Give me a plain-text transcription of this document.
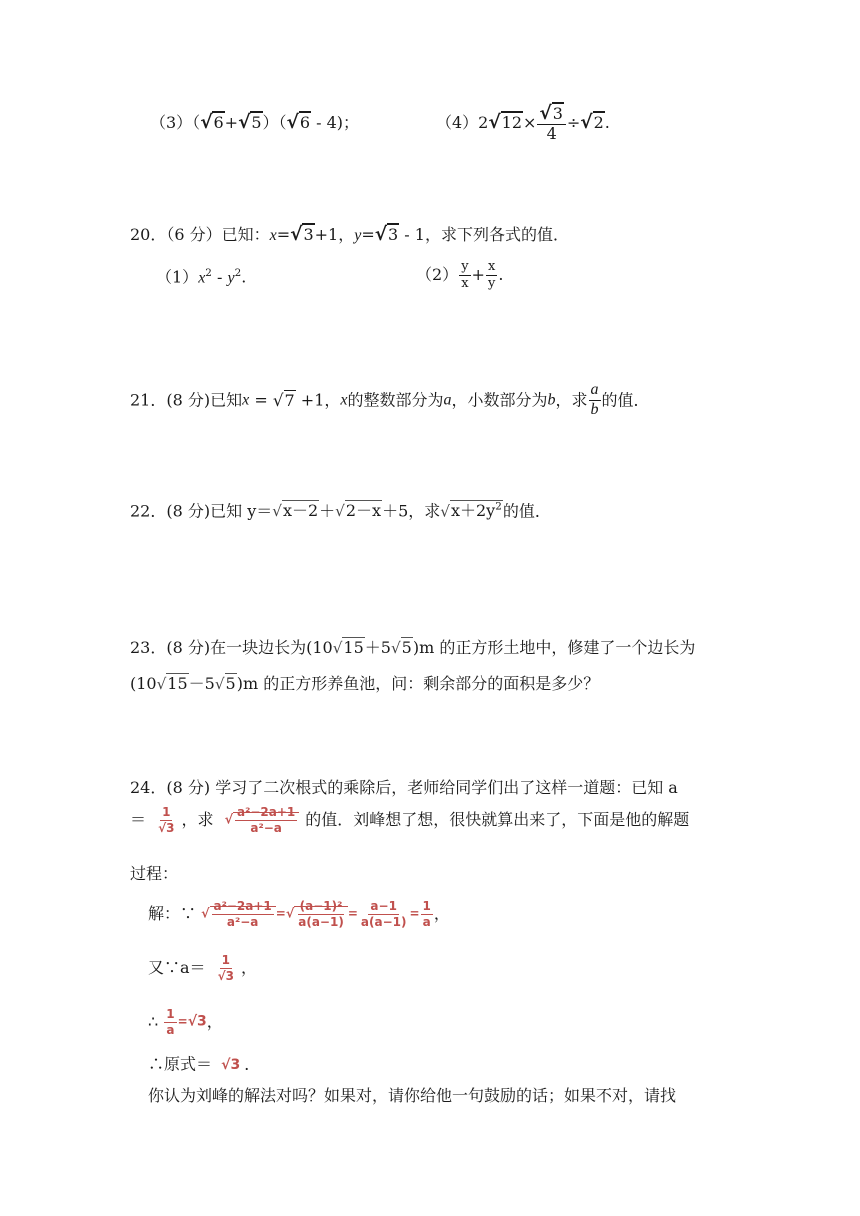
（3）（√6+√5）（√6 - 4)；	$(4)2√12\times \frac{√3}{4} \div√2$.
20．（6 分）已知：x=√3+1，y=√3 - 1，求下列各式的值．
$(1)x^2 - y^2$.	$(2) \frac{y}{x} + \frac{x}{y}$ .
21．(8 分)已知x = √7 +1，x的整数部分为a，小数部分为b，求 $\frac{a}{b}$ 的值．
22．(8 分)已知 y＝√x－2＋√2－x＋5，求$√x+2y^2$的值．
23．(8 分)在一块边长为(10√15＋5√5)m 的正方形土地中，修建了一个边长为
(10√15－5√5)m 的正方形养鱼池，问：剩余部分的面积是多少？
24．(8 分) 学习了二次根式的乘除后，老师给同学们出了这样一道题：已知 a
＝ $\frac{1}{√3}$ ，求 √ $\frac{\text{a²−2a+1}}{\text{a²−a}}$ 的值．刘峰想了想，很快就算出来了，下面是他的解题
过程：
解：∵ √ $\frac{\text{a²−2a+1}}{\text{a²−a}}$ =√ $\frac{\text{(a−1)²}}{a(a-1)} = \frac{a-1}{a(a-1)} = \frac{1}{a}$ ，
又∵a＝ $\frac{1}{√3}$ ，
∴ $\frac{1}{a} =√3$，
∴原式＝ √3 ．
你认为刘峰的解法对吗？如果对，请你给他一句鼓励的话；如果不对，请找
